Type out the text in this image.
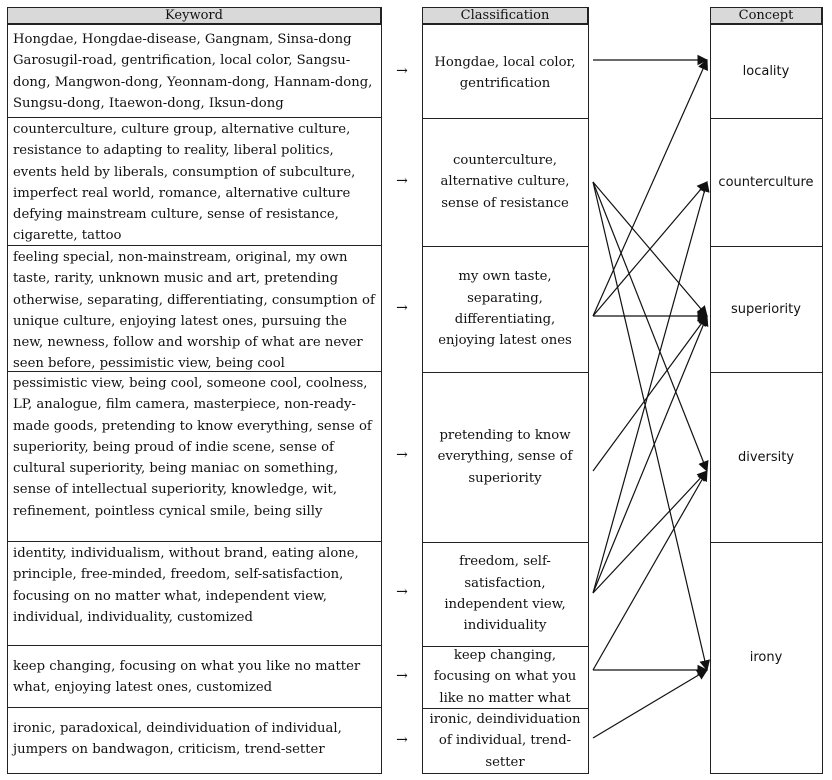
Keyword	Classification	Concept
Hongdae, Hongdae-disease, Gangnam, Sinsa-dong Garosugil-road, gentrification, local color, Sangsu-dong, Mangwon-dong, Yeonnam-dong, Hannam-dong, Sungsu-dong, Itaewon-dong, Iksun-dong
counterculture, culture group, alternative culture, resistance to adapting to reality, liberal politics, events held by liberals, consumption of subculture, imperfect real world, romance, alternative culture defying mainstream culture, sense of resistance, cigarette, tattoo
feeling special, non-mainstream, original, my own taste, rarity, unknown music and art, pretending otherwise, separating, differentiating, consumption of unique culture, enjoying latest ones, pursuing the new, newness, follow and worship of what are never seen before, pessimistic view, being cool
pessimistic view, being cool, someone cool, coolness, LP, analogue, film camera, masterpiece, non-ready-made goods, pretending to know everything, sense of superiority, being proud of indie scene, sense of cultural superiority, being maniac on something, sense of intellectual superiority, knowledge, wit, refinement, pointless cynical smile, being silly
identity, individualism, without brand, eating alone, principle, free-minded, freedom, self-satisfaction, focusing on no matter what, independent view, individual, individuality, customized
keep changing, focusing on what you like no matter what, enjoying latest ones, customized
ironic, paradoxical, deindividuation of individual, jumpers on bandwagon, criticism, trend-setter
→
→
→
→
→
→
→
Hongdae, local color, gentrification
counterculture, alternative culture, sense of resistance
my own taste, separating, differentiating, enjoying latest ones
pretending to know everything, sense of superiority
freedom, self-satisfaction, independent view, individuality
keep changing, focusing on what you like no matter what
ironic, deindividuation of individual, trend-setter
locality
counterculture
superiority
diversity
irony
